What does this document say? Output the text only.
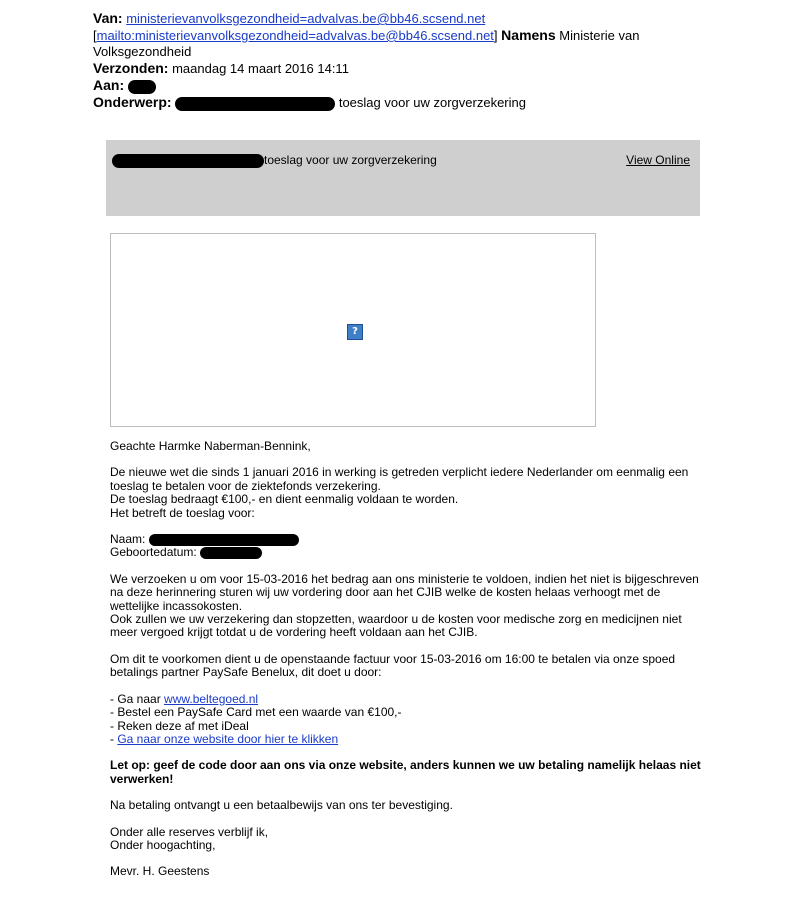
Van: ministerievanvolksgezondheid=advalvas.be@bb46.scsend.net
[mailto:ministerievanvolksgezondheid=advalvas.be@bb46.scsend.net] Namens Ministerie van
Volksgezondheid
Verzonden: maandag 14 maart 2016 14:11
Aan:
Onderwerp:	toeslag voor uw zorgverzekering
toeslag voor uw zorgverzekering	View Online
?

Geachte Harmke Naberman-Bennink,

De nieuwe wet die sinds 1 januari 2016 in werking is getreden verplicht iedere Nederlander om eenmalig een
toeslag te betalen voor de ziektefonds verzekering.
De toeslag bedraagt €100,- en dient eenmalig voldaan te worden.
Het betreft de toeslag voor:

Naam:
Geboortedatum:

We verzoeken u om voor 15-03-2016 het bedrag aan ons ministerie te voldoen, indien het niet is bijgeschreven
na deze herinnering sturen wij uw vordering door aan het CJIB welke de kosten helaas verhoogt met de
wettelijke incassokosten.
Ook zullen we uw verzekering dan stopzetten, waardoor u de kosten voor medische zorg en medicijnen niet
meer vergoed krijgt totdat u de vordering heeft voldaan aan het CJIB.

Om dit te voorkomen dient u de openstaande factuur voor 15-03-2016 om 16:00 te betalen via onze spoed
betalings partner PaySafe Benelux, dit doet u door:

- Ga naar www.beltegoed.nl
- Bestel een PaySafe Card met een waarde van €100,-
- Reken deze af met iDeal
- Ga naar onze website door hier te klikken

Let op: geef de code door aan ons via onze website, anders kunnen we uw betaling namelijk helaas niet
verwerken!

Na betaling ontvangt u een betaalbewijs van ons ter bevestiging.

Onder alle reserves verblijf ik,
Onder hoogachting,

Mevr. H. Geestens
